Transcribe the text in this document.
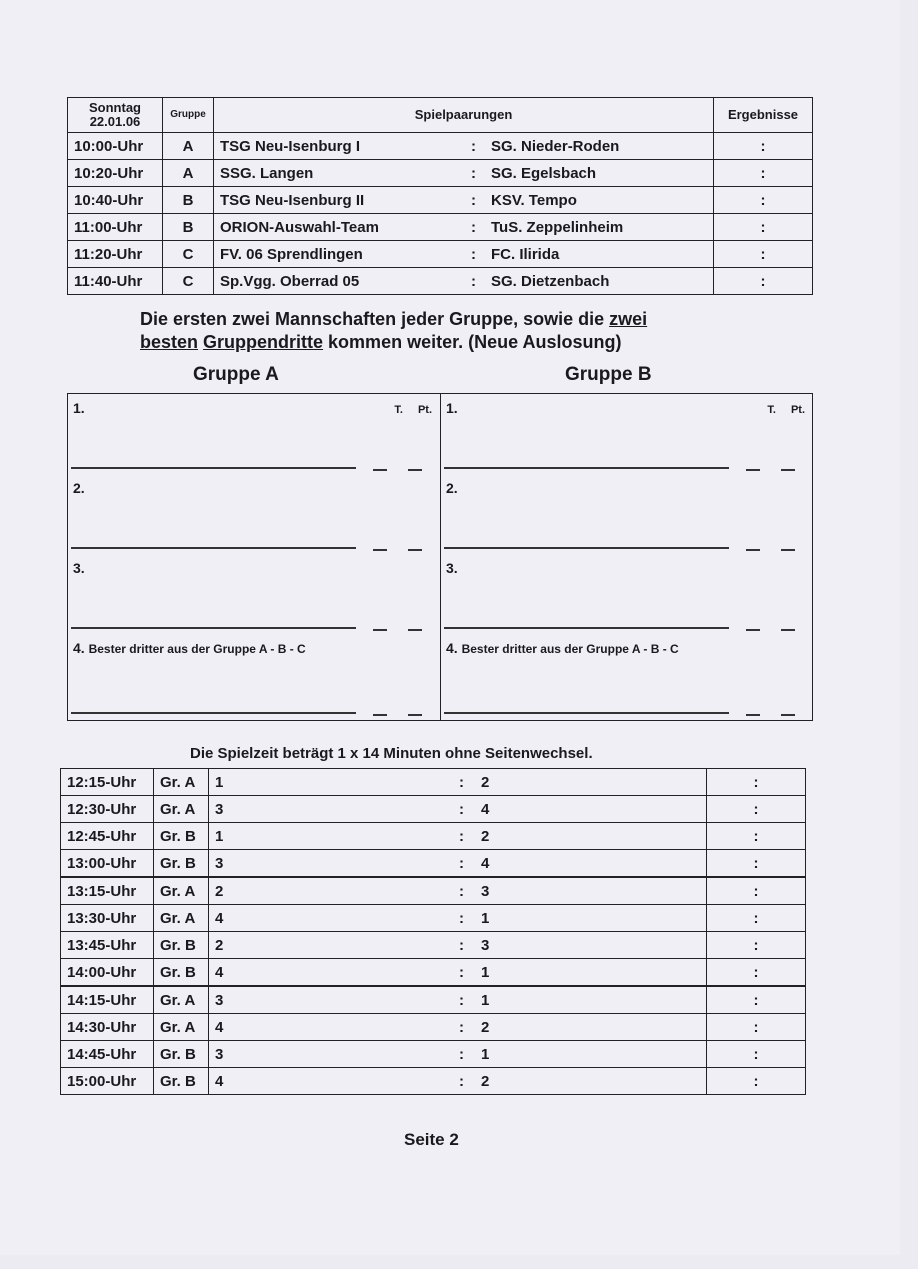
Sonntag
22.01.06	Gruppe	Spielpaarungen	Ergebnisse
10:00-Uhr	A	TSG Neu-Isenburg I : SG. Nieder-Roden	:
10:20-Uhr	A	SSG. Langen : SG. Egelsbach	:
10:40-Uhr	B	TSG Neu-Isenburg II : KSV. Tempo	:
11:00-Uhr	B	ORION-Auswahl-Team : TuS. Zeppelinheim	:
11:20-Uhr	C	FV. 06 Sprendlingen : FC. Ilirida	:
11:40-Uhr	C	Sp.Vgg. Oberrad 05 : SG. Dietzenbach	:
Die ersten zwei Mannschaften jeder Gruppe, sowie die zwei
besten Gruppendritte kommen weiter. (Neue Auslosung)
Gruppe A	Gruppe B
T. Pt.
1.
2.
3.
4. Bester dritter aus der Gruppe A - B - C
T. Pt.
1.
2.
3.
4. Bester dritter aus der Gruppe A - B - C
Die Spielzeit beträgt 1 x 14 Minuten ohne Seitenwechsel.
12:15-Uhr	Gr. A	1 : 2	:
12:30-Uhr	Gr. A	3 : 4	:
12:45-Uhr	Gr. B	1 : 2	:
13:00-Uhr	Gr. B	3 : 4	:
13:15-Uhr	Gr. A	2 : 3	:
13:30-Uhr	Gr. A	4 : 1	:
13:45-Uhr	Gr. B	2 : 3	:
14:00-Uhr	Gr. B	4 : 1	:
14:15-Uhr	Gr. A	3 : 1	:
14:30-Uhr	Gr. A	4 : 2	:
14:45-Uhr	Gr. B	3 : 1	:
15:00-Uhr	Gr. B	4 : 2	:
Seite 2
